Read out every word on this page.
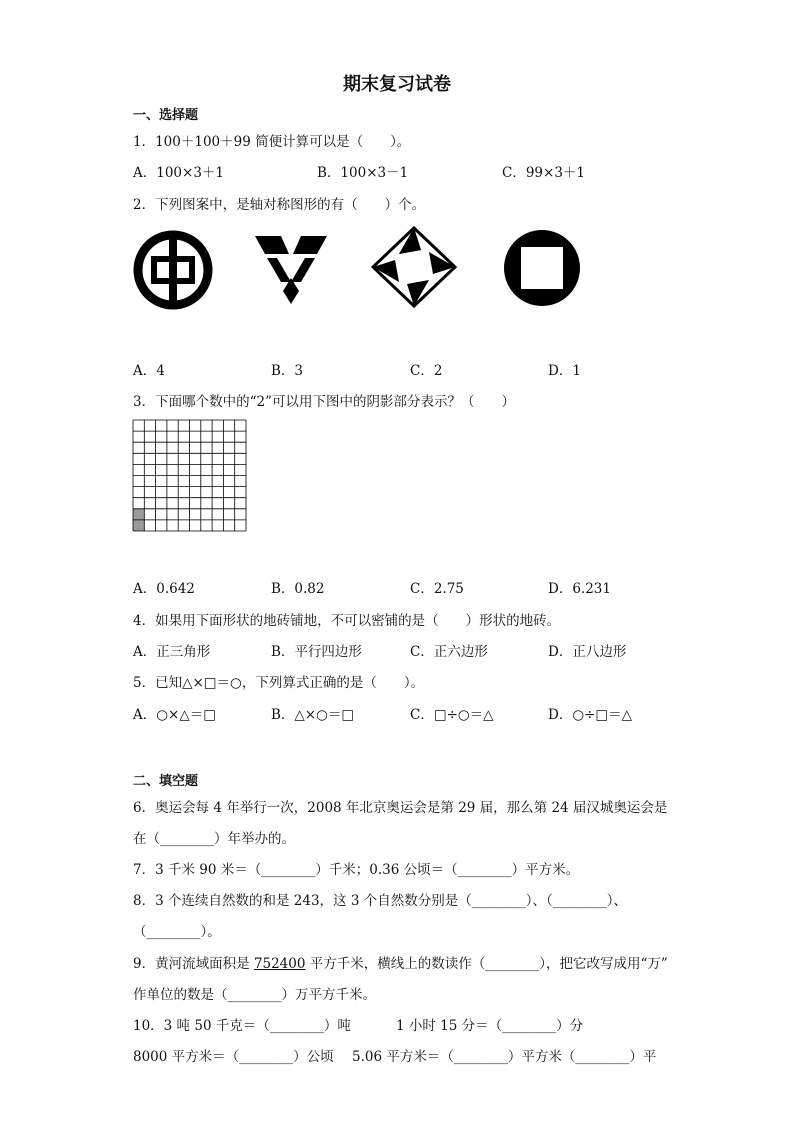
期末复习试卷
一、选择题
1．100＋100＋99 简便计算可以是（　　）。
A．100×3＋1	B．100×3－1	C．99×3＋1
2．下列图案中，是轴对称图形的有（　　）个。
A．4	B．3	C．2	D．1
3．下面哪个数中的“2”可以用下图中的阴影部分表示？（　　）
A．0.642	B．0.82	C．2.75	D．6.231
4．如果用下面形状的地砖铺地，不可以密铺的是（　　）形状的地砖。
A．正三角形	B．平行四边形	C．正六边形	D．正八边形
5．已知△×□＝○，下列算式正确的是（　　）。
A．○×△＝□	B．△×○＝□	C．□÷○＝△	D．○÷□＝△
二、填空题
6．奥运会每 4 年举行一次，2008 年北京奥运会是第 29 届，那么第 24 届汉城奥运会是
在（________）年举办的。
7．3 千米 90 米＝（________）千米；0.36 公顷＝（________）平方米。
8．3 个连续自然数的和是 243，这 3 个自然数分别是（________）、（________）、
（________）。
9．黄河流域面积是 752400 平方千米，横线上的数读作（________），把它改写成用“万”
作单位的数是（________）万平方千米。
10．3 吨 50 千克＝（________）吨	1 小时 15 分＝（________）分
8000 平方米＝（________）公顷 5.06 平方米＝（________）平方米（________）平
